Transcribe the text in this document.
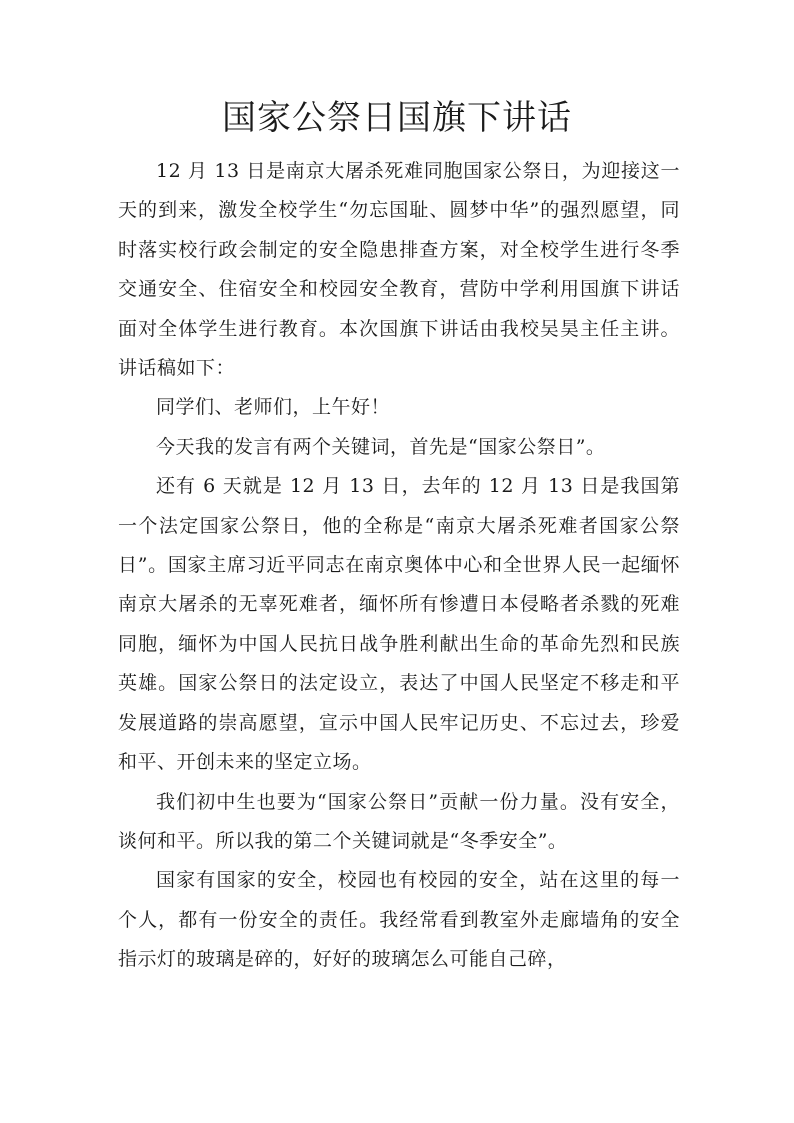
国家公祭日国旗下讲话

12 月 13 日是南京大屠杀死难同胞国家公祭日，为迎接这一天的到来，激发全校学生“勿忘国耻、圆梦中华”的强烈愿望，同时落实校行政会制定的安全隐患排查方案，对全校学生进行冬季交通安全、住宿安全和校园安全教育，营防中学利用国旗下讲话面对全体学生进行教育。本次国旗下讲话由我校吴昊主任主讲。讲话稿如下：

同学们、老师们，上午好！

今天我的发言有两个关键词，首先是“国家公祭日”。

还有 6 天就是 12 月 13 日，去年的 12 月 13 日是我国第一个法定国家公祭日，他的全称是“南京大屠杀死难者国家公祭日”。国家主席习近平同志在南京奥体中心和全世界人民一起缅怀南京大屠杀的无辜死难者，缅怀所有惨遭日本侵略者杀戮的死难同胞，缅怀为中国人民抗日战争胜利献出生命的革命先烈和民族英雄。国家公祭日的法定设立，表达了中国人民坚定不移走和平发展道路的崇高愿望，宣示中国人民牢记历史、不忘过去，珍爱和平、开创未来的坚定立场。

我们初中生也要为“国家公祭日”贡献一份力量。没有安全，谈何和平。所以我的第二个关键词就是“冬季安全”。

国家有国家的安全，校园也有校园的安全，站在这里的每一个人，都有一份安全的责任。我经常看到教室外走廊墙角的安全指示灯的玻璃是碎的，好好的玻璃怎么可能自己碎，
